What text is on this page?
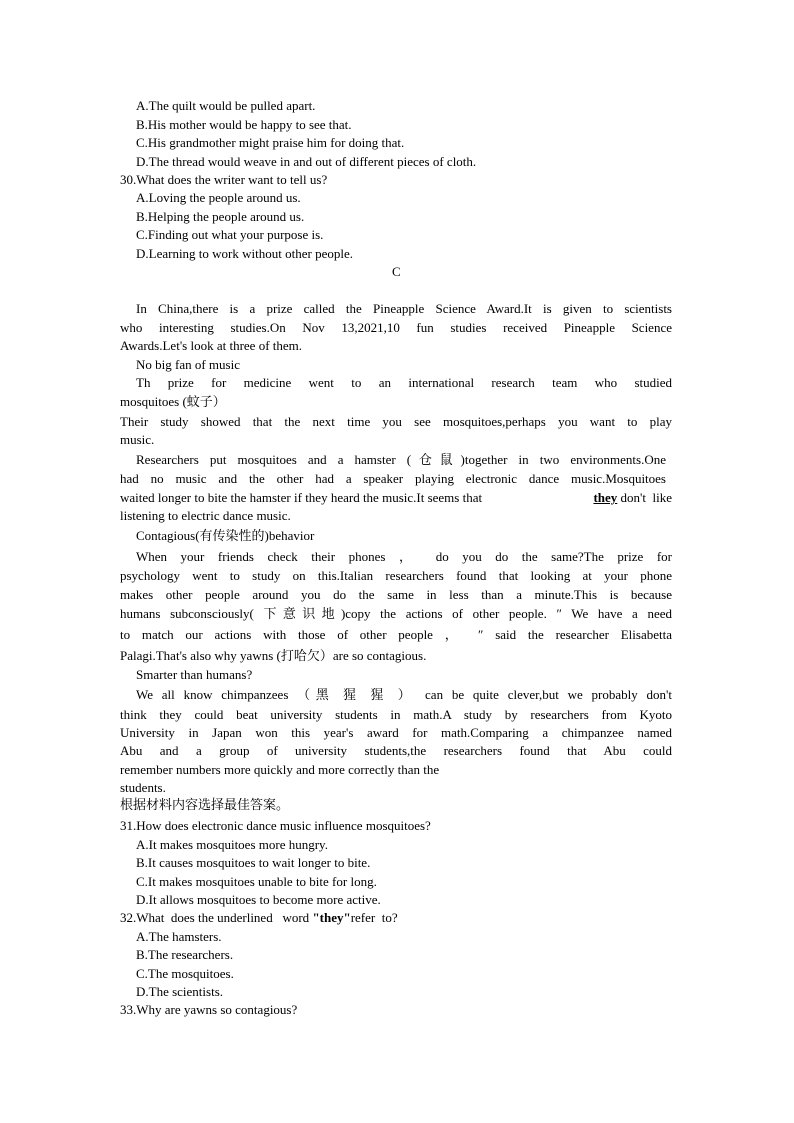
A.The quilt would be pulled apart.
B.His mother would be happy to see that.
C.His grandmother might praise him for doing that.
D.The thread would weave in and out of different pieces of cloth.
30.What does the writer want to tell us?
A.Loving the people around us.
B.Helping the people around us.
C.Finding out what your purpose is.
D.Learning to work without other people.
C
In China,there is a prize called the Pineapple Science Award.It is given to scientists
who interesting studies.On Nov 13,2021,10 fun studies received Pineapple Science
Awards.Let's look at three of them.
No big fan of music
Th prize for medicine went to an international research team who studied
mosquitoes (蚊子）
Their study showed that the next time you see mosquitoes,perhaps you want to play
music.
Researchers put mosquitoes and a hamster (仓鼠)together in two environments.One
had no music and the other had a speaker playing electronic dance music.Mosquitoes
waited longer to bite the hamster if they heard the music.It seems that	they don't  like
listening to electric dance music.
Contagious(有传染性的)behavior
When your friends check their phones ， do you do the same?The prize for
psychology went to study on this.Italian researchers found that looking at your phone
makes other people around you do the same in less than a minute.This is because
humans subconsciously( 下意识地)copy the actions of other people. ″ We have a need
to match our actions with those of other people ， ″ said the researcher Elisabetta
Palagi.That's also why yawns (打哈欠）are so contagious.
Smarter than humans?
We all know chimpanzees （黑 猩 猩 ） can be quite clever,but we probably don't
think they could beat university students in math.A study by researchers from Kyoto
University in Japan won this year's award for math.Comparing a chimpanzee named
Abu and a group of university students,the researchers found that Abu could
remember numbers more quickly and more correctly than the
students.
根据材料内容选择最佳答案。
31.How does electronic dance music influence mosquitoes?
A.It makes mosquitoes more hungry.
B.It causes mosquitoes to wait longer to bite.
C.It makes mosquitoes unable to bite for long.
D.It allows mosquitoes to become more active.
32.What  does the underlined   word "they"refer  to?
A.The hamsters.
B.The researchers.
C.The mosquitoes.
D.The scientists.
33.Why are yawns so contagious?
